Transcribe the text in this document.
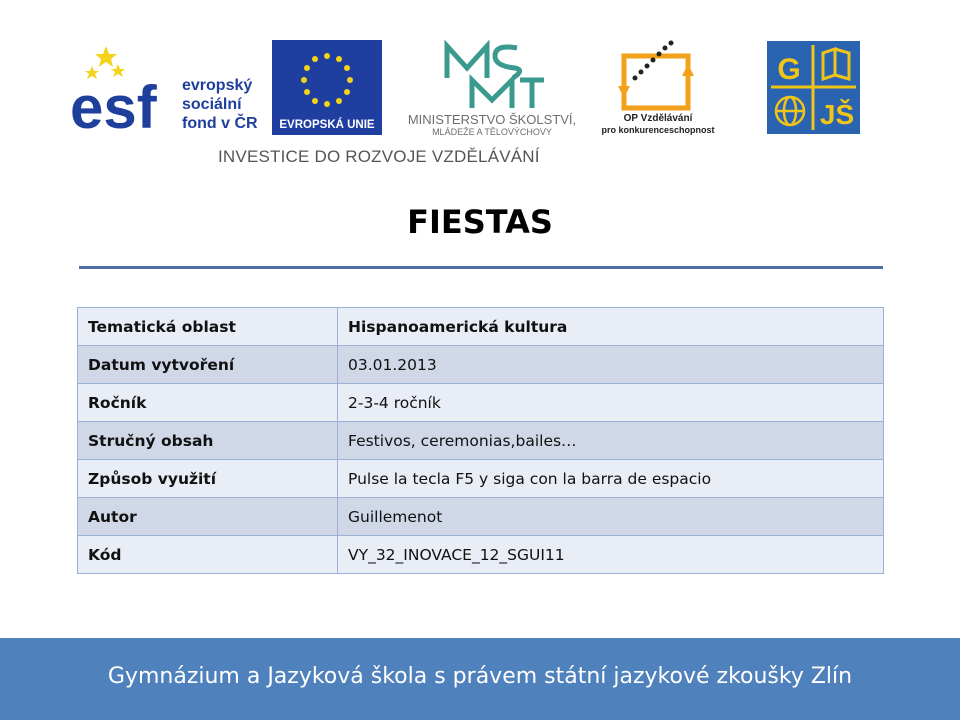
esf evropský
sociální
fond v ČR EVROPSKÁ UNIE	MINISTERSTVO ŠKOLSTVÍ,
MLÁDEŽE A TĚLOVÝCHOVY
OP Vzdělávání
pro konkurenceschopnost
G
JŠ
INVESTICE DO ROZVOJE VZDĚLÁVÁNÍ
FIESTAS
Tematická oblast	Hispanoamerická kultura
Datum vytvoření	03.01.2013
Ročník	2-3-4 ročník
Stručný obsah	Festivos, ceremonias,bailes…
Způsob využití	Pulse la tecla F5 y siga con la barra de espacio
Autor	Guillemenot
Kód	VY_32_INOVACE_12_SGUI11
Gymnázium a Jazyková škola s právem státní jazykové zkoušky Zlín
